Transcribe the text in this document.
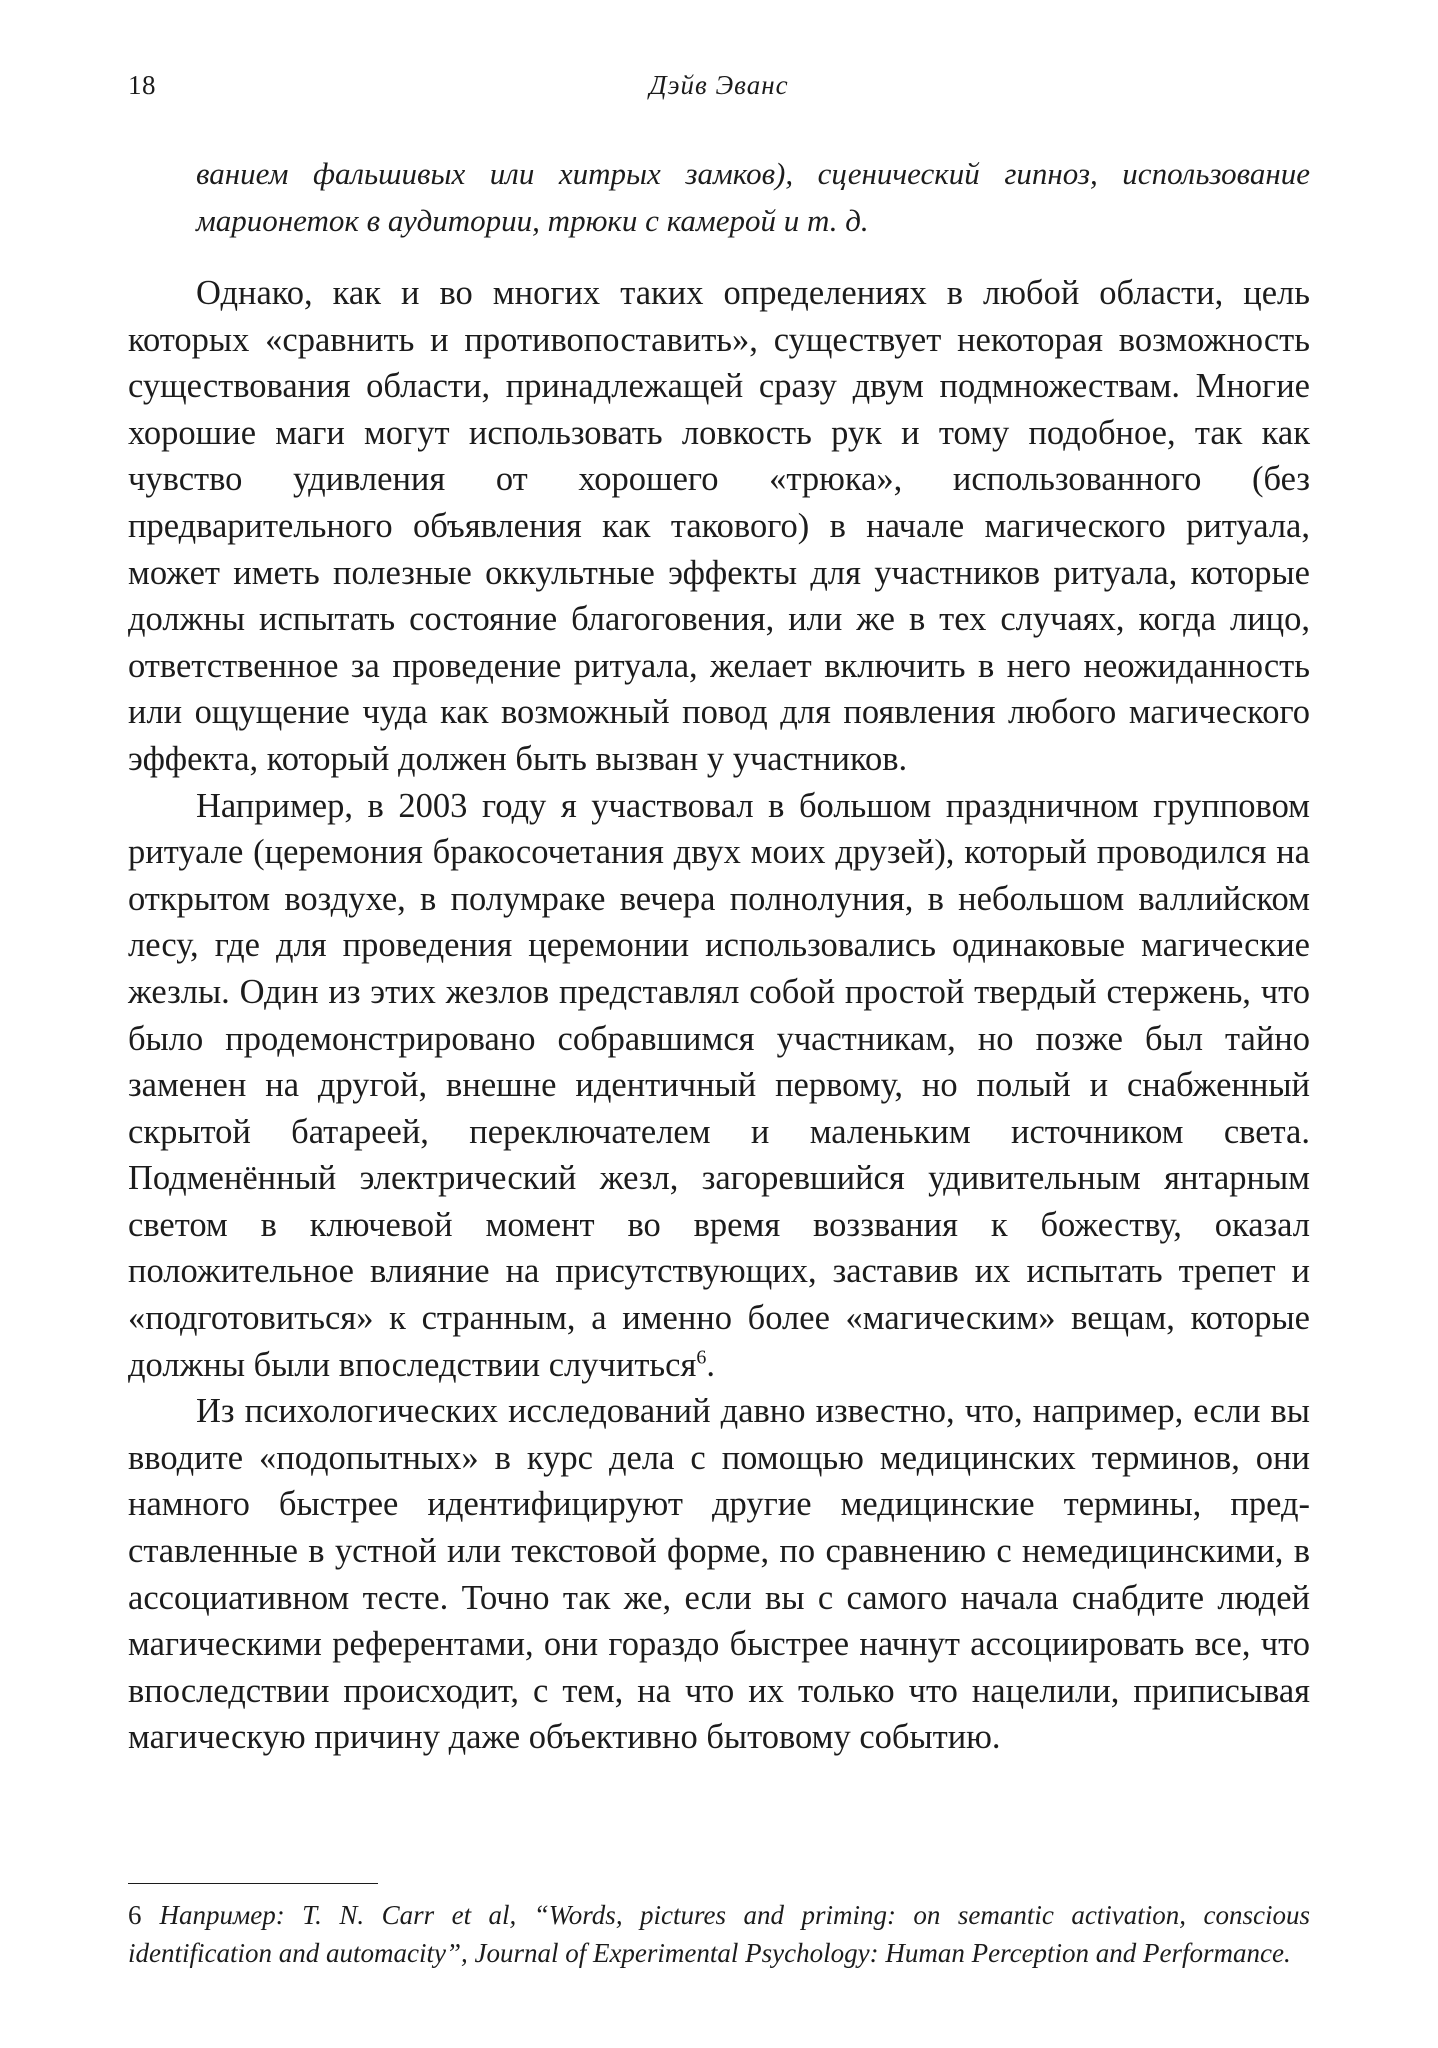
18	Дэйв Эванс

ванием фальшивых или хитрых замков), сценический гипноз, использование марионеток в аудитории, трюки с камерой и т. д.

Однако, как и во многих таких определениях в любой области, цель которых «сравнить и противопоставить», существует некоторая возможность существования области, принадлежащей сразу двум подмножествам. Многие хорошие маги могут использовать ловкость рук и тому подобное, так как чувство удивления от хорошего «трюка», использованного (без предварительного объявления как такового) в начале магического ритуала, может иметь полезные оккультные эффекты для участников ритуала, которые должны испытать состояние благоговения, или же в тех случаях, когда лицо, ответственное за проведение ритуала, желает включить в него неожиданность или ощущение чуда как возможный повод для появления любого магического эффекта, который должен быть вызван у участников.

Например, в 2003 году я участвовал в большом праздничном групповом ритуале (церемония бракосочетания двух моих друзей), который проводился на открытом воздухе, в полумраке вечера полнолуния, в небольшом валлийском лесу, где для проведения церемонии использовались одинаковые магические жезлы. Один из этих жезлов представлял собой простой твердый стержень, что было продемонстрировано собравшимся участникам, но позже был тайно заменен на другой, внешне идентичный первому, но полый и снабженный скрытой батареей, переключателем и маленьким источником света. Подменённый электрический жезл, загоревшийся удивительным янтарным светом в ключевой момент во время воззвания к божеству, оказал положительное влияние на присутствующих, заставив их испытать трепет и «подготовиться» к странным, а именно более «магическим» вещам, которые должны были впоследствии случиться$^6$.

Из психологических исследований давно известно, что, например, если вы вводите «подопытных» в курс дела с помощью медицинских терминов, они намного быстрее идентифицируют другие медицинские термины, представленные в устной или текстовой форме, по сравнению с немедицинскими, в ассоциативном тесте. Точно так же, если вы с самого начала снабдите людей магическими референтами, они гораздо быстрее начнут ассоциировать все, что впоследствии происходит, с тем, на что их только что нацелили, приписывая магическую причину даже объективно бытовому событию.

6 Например: T. N. Carr et al, “Words, pictures and priming: on semantic activation, conscious identification and automacity”, Journal of Experimental Psychology: Human Perception and Performance.
